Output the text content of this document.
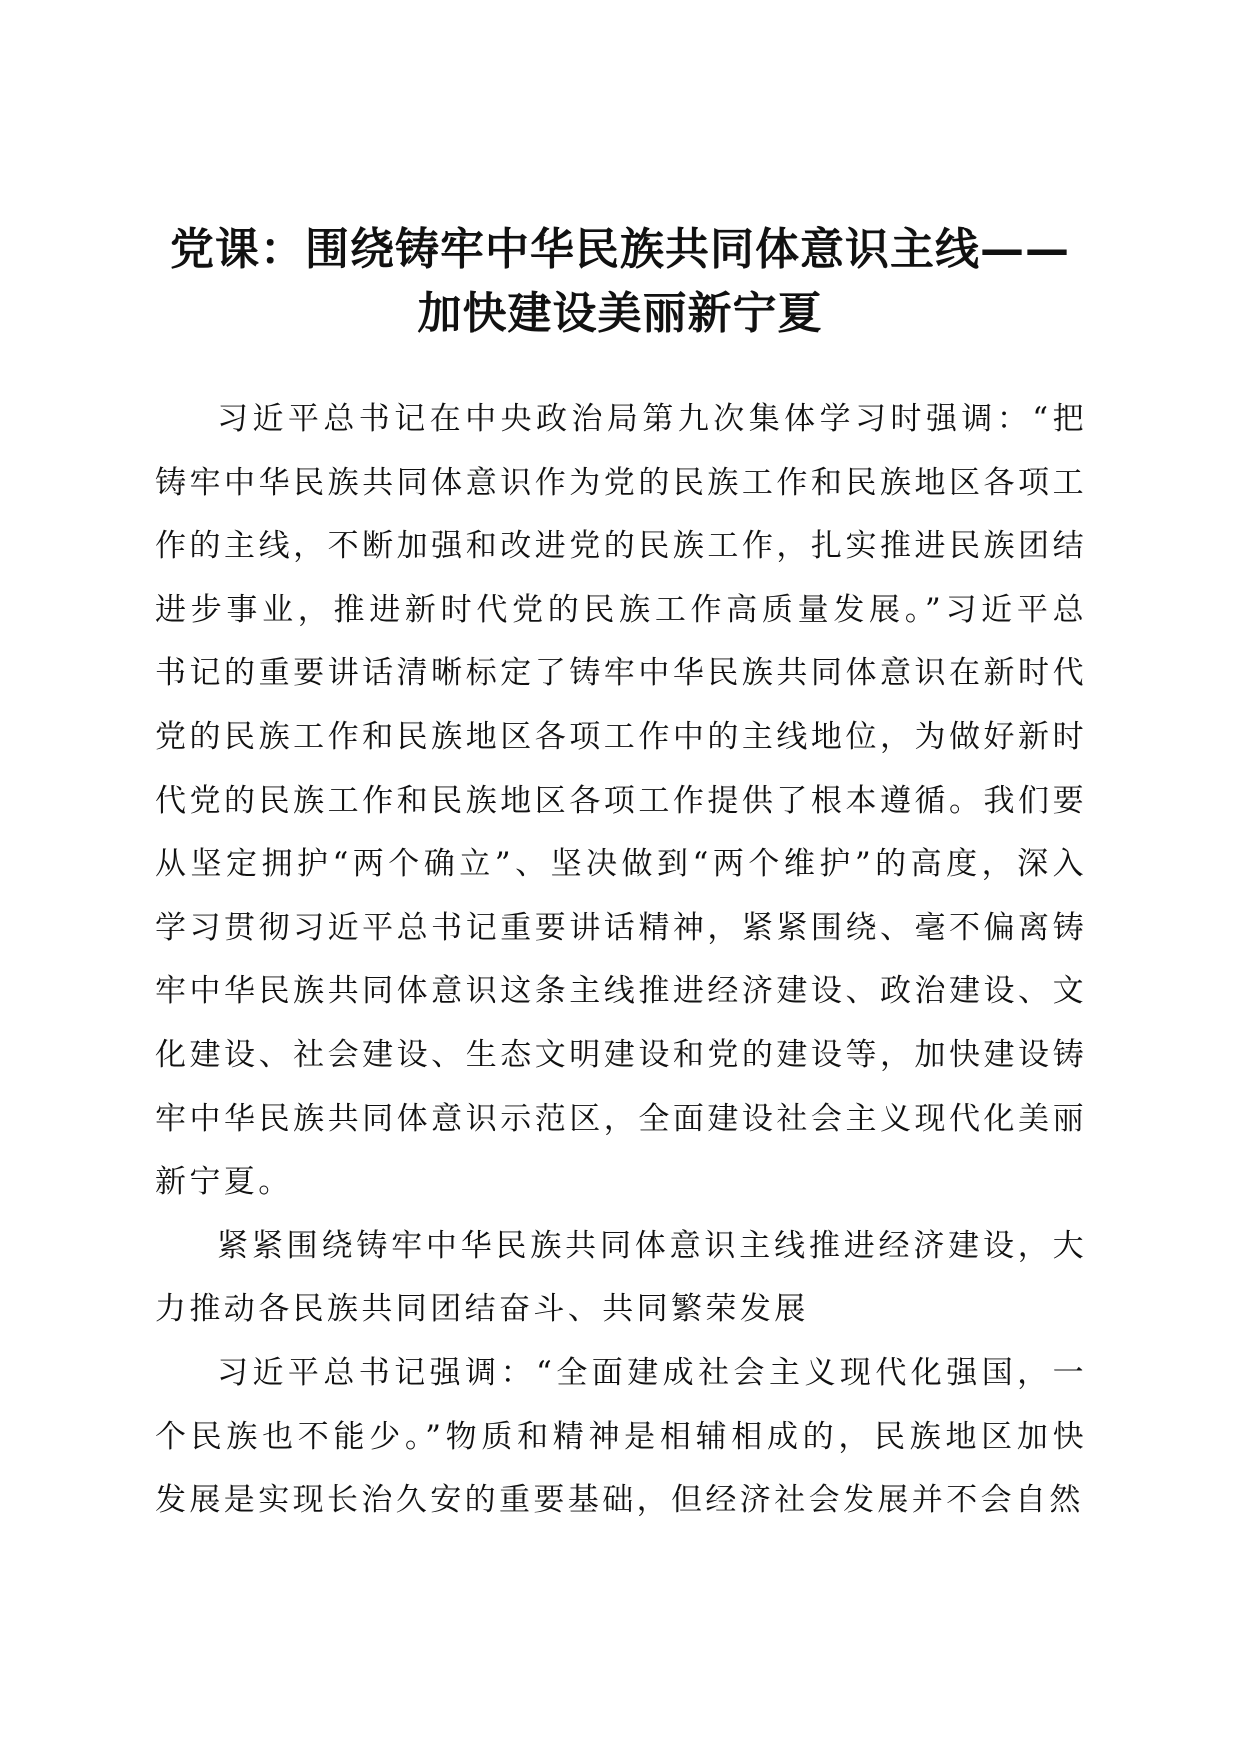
党课：围绕铸牢中华民族共同体意识主线——
加快建设美丽新宁夏

习近平总书记在中央政治局第九次集体学习时强调：“把铸牢中华民族共同体意识作为党的民族工作和民族地区各项工作的主线，不断加强和改进党的民族工作，扎实推进民族团结进步事业，推进新时代党的民族工作高质量发展。”习近平总书记的重要讲话清晰标定了铸牢中华民族共同体意识在新时代党的民族工作和民族地区各项工作中的主线地位，为做好新时代党的民族工作和民族地区各项工作提供了根本遵循。我们要从坚定拥护“两个确立”、坚决做到“两个维护”的高度，深入学习贯彻习近平总书记重要讲话精神，紧紧围绕、毫不偏离铸牢中华民族共同体意识这条主线推进经济建设、政治建设、文化建设、社会建设、生态文明建设和党的建设等，加快建设铸牢中华民族共同体意识示范区，全面建设社会主义现代化美丽新宁夏。

紧紧围绕铸牢中华民族共同体意识主线推进经济建设，大力推动各民族共同团结奋斗、共同繁荣发展

习近平总书记强调：“全面建成社会主义现代化强国，一个民族也不能少。”物质和精神是相辅相成的，民族地区加快发展是实现长治久安的重要基础，但经济社会发展并不会自然
